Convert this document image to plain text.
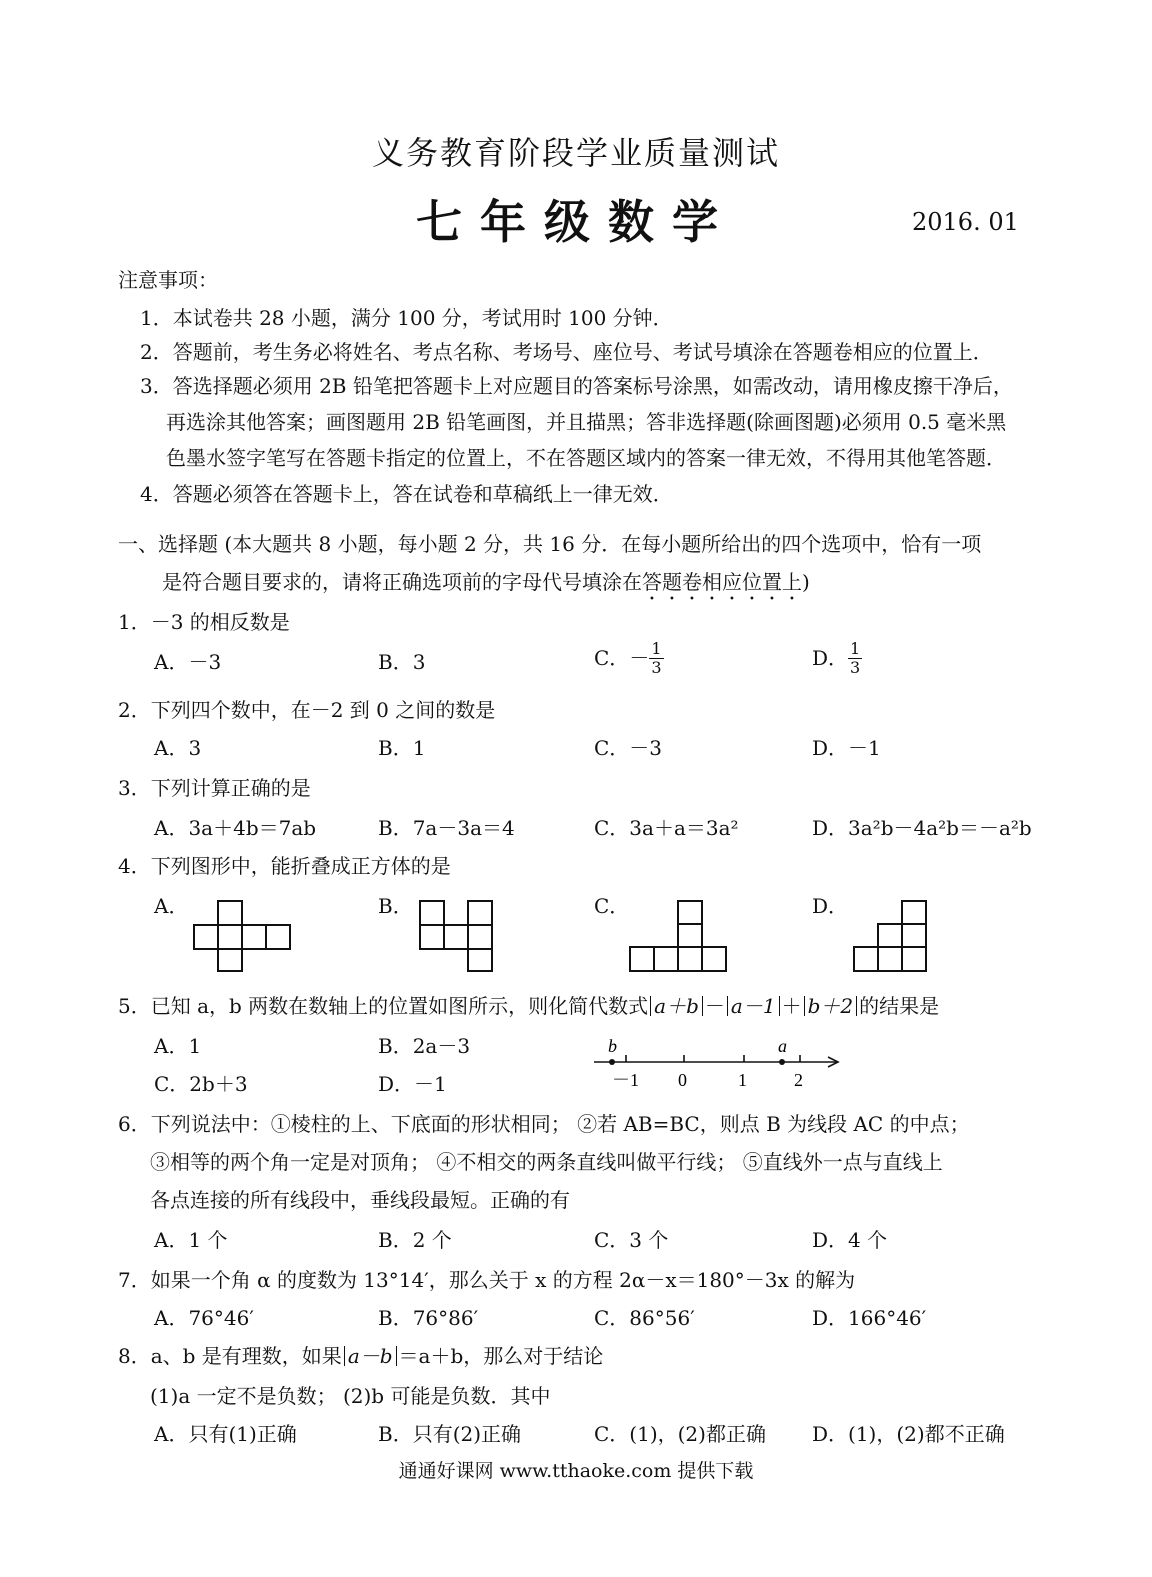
义务教育阶段学业质量测试
七年级数学	2016. 01
注意事项：
1．本试卷共 28 小题，满分 100 分，考试用时 100 分钟．
2．答题前，考生务必将姓名、考点名称、考场号、座位号、考试号填涂在答题卷相应的位置上．
3．答选择题必须用 2B 铅笔把答题卡上对应题目的答案标号涂黑，如需改动，请用橡皮擦干净后，
再选涂其他答案；画图题用 2B 铅笔画图，并且描黑；答非选择题(除画图题)必须用 0.5 毫米黑
色墨水签字笔写在答题卡指定的位置上，不在答题区域内的答案一律无效，不得用其他笔答题．
4．答题必须答在答题卡上，答在试卷和草稿纸上一律无效．
一、选择题 (本大题共 8 小题，每小题 2 分，共 16 分．在每小题所给出的四个选项中，恰有一项
是符合题目要求的，请将正确选项前的字母代号填涂在答题卷相应位置上)
1．－3 的相反数是
A．－3	B．3	C．－ $\frac{1}{3}$	D． $\frac{1}{3}$
2．下列四个数中，在－2 到 0 之间的数是
A．3	B．1	C．－3	D．－1
3．下列计算正确的是
A．3a＋4b＝7ab	B．7a－3a＝4	C．3a＋a＝3a²	D．3a²b－4a²b＝－a²b
4．下列图形中，能折叠成正方体的是
A．	B．	C．	D．
5．已知 a，b 两数在数轴上的位置如图所示，则化简代数式 a＋b － a－1 ＋ b＋2 的结果是
A．1	B．2a－3
C．2b＋3	D．－1
b	a
－1 0	1	2
6．下列说法中：①棱柱的上、下底面的形状相同； ②若 AB=BC，则点 B 为线段 AC 的中点；
③相等的两个角一定是对顶角； ④不相交的两条直线叫做平行线； ⑤直线外一点与直线上
各点连接的所有线段中，垂线段最短。正确的有
A．1 个	B．2 个	C．3 个	D．4 个
7．如果一个角 α 的度数为 13°14′，那么关于 x 的方程 2α－x＝180°－3x 的解为
A．76°46′	B．76°86′	C．86°56′	D．166°46′
8．a、b 是有理数，如果 a－b ＝a＋b，那么对于结论
(1)a 一定不是负数； (2)b 可能是负数．其中
A．只有(1)正确	B．只有(2)正确	C．(1)，(2)都正确 D．(1)，(2)都不正确
通通好课网 www.tthaoke.com 提供下载
